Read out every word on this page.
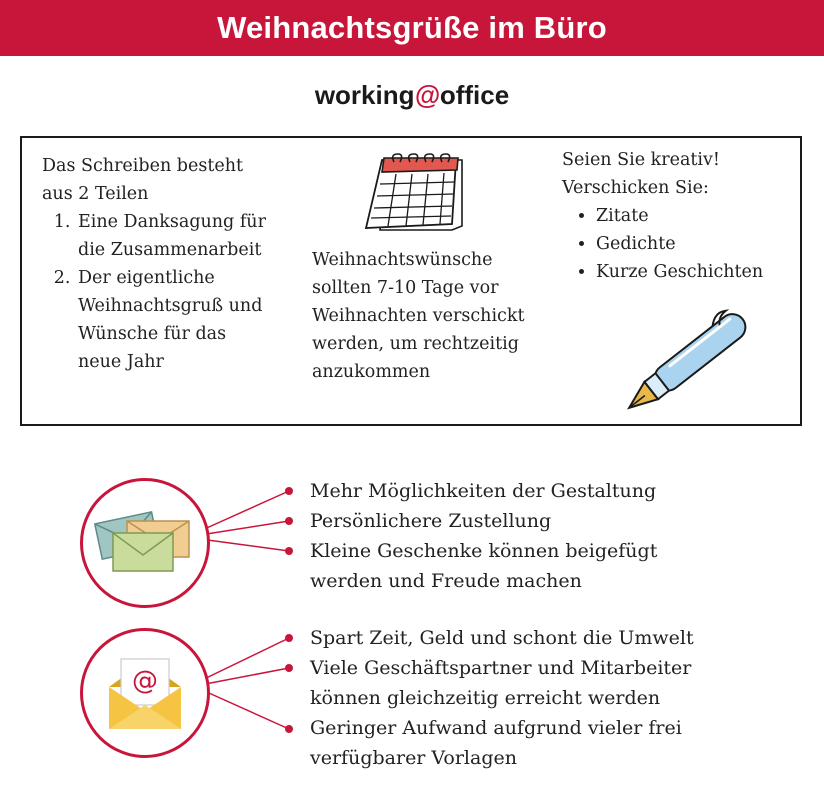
Weihnachtsgrüße im Büro
working@office

Das Schreiben besteht

aus 2 Teilen

1. Eine Danksagung für die Zusammenarbeit
2. Der eigentliche Weihnachtsgruß und Wünsche für das neue Jahr
Weihnachtswünsche sollten 7-10 Tage vor Weihnachten verschickt werden, um rechtzeitig anzukommen

Seien Sie kreativ!

Verschicken Sie:

• Zitate
• Gedichte
• Kurze Geschichten
@
Mehr Möglichkeiten der Gestaltung
Persönlichere Zustellung
Kleine Geschenke können beigefügt
werden und Freude machen
Spart Zeit, Geld und schont die Umwelt
Viele Geschäftspartner und Mitarbeiter
können gleichzeitig erreicht werden
Geringer Aufwand aufgrund vieler frei
verfügbarer Vorlagen
